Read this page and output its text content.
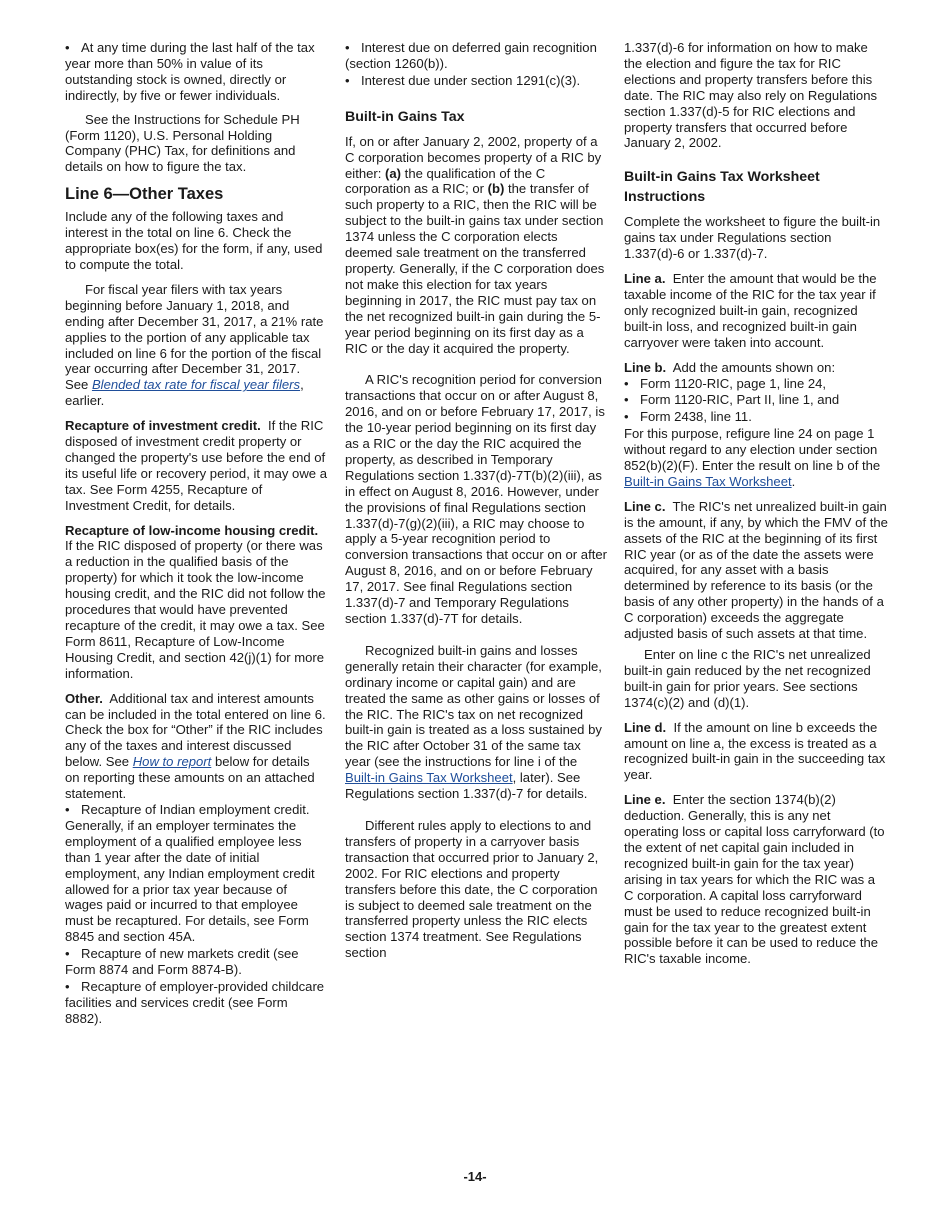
• At any time during the last half of the tax year more than 50% in value of its outstanding stock is owned, directly or indirectly, by five or fewer individuals.

See the Instructions for Schedule PH (Form 1120), U.S. Personal Holding Company (PHC) Tax, for definitions and details on how to figure the tax.

Line 6—Other Taxes

Include any of the following taxes and interest in the total on line 6. Check the appropriate box(es) for the form, if any, used to compute the total.

For fiscal year filers with tax years beginning before January 1, 2018, and ending after December 31, 2017, a 21% rate applies to the portion of any applicable tax included on line 6 for the portion of the fiscal year occurring after December 31, 2017. See Blended tax rate for fiscal year filers, earlier.

Recapture of investment credit. If the RIC disposed of investment credit property or changed the property's use before the end of its useful life or recovery period, it may owe a tax. See Form 4255, Recapture of Investment Credit, for details.

Recapture of low-income housing credit.  If the RIC disposed of property (or there was a reduction in the qualified basis of the property) for which it took the low-income housing credit, and the RIC did not follow the procedures that would have prevented recapture of the credit, it may owe a tax. See Form 8611, Recapture of Low-Income Housing Credit, and section 42(j)(1) for more information.

Other. Additional tax and interest amounts can be included in the total entered on line 6. Check the box for “Other” if the RIC includes any of the taxes and interest discussed below. See How to report below for details on reporting these amounts on an attached statement.

• Recapture of Indian employment credit. Generally, if an employer terminates the employment of a qualified employee less than 1 year after the date of initial employment, any Indian employment credit allowed for a prior tax year because of wages paid or incurred to that employee must be recaptured. For details, see Form 8845 and section 45A.
• Recapture of new markets credit (see Form 8874 and Form 8874-B).
• Recapture of employer-provided childcare facilities and services credit (see Form 8882).
• Interest due on deferred gain recognition (section 1260(b)).
• Interest due under section 1291(c)(3).
Built-in Gains Tax

If, on or after January 2, 2002, property of a C corporation becomes property of a RIC by either: (a) the qualification of the C corporation as a RIC; or (b) the transfer of such property to a RIC, then the RIC will be subject to the built-in gains tax under section 1374 unless the C corporation elects deemed sale treatment on the transferred property. Generally, if the C corporation does not make this election for tax years beginning in 2017, the RIC must pay tax on the net recognized built-in gain during the 5-year period beginning on its first day as a RIC or the day it acquired the property.

A RIC's recognition period for conversion transactions that occur on or after August 8, 2016, and on or before February 17, 2017, is the 10-year period beginning on its first day as a RIC or the day the RIC acquired the property, as described in Temporary Regulations section 1.337(d)-7T(b)(2)(iii), as in effect on August 8, 2016. However, under the provisions of final Regulations section 1.337(d)-7(g)(2)(iii), a RIC may choose to apply a 5-year recognition period to conversion transactions that occur on or after August 8, 2016, and on or before February 17, 2017. See final Regulations section 1.337(d)-7 and Temporary Regulations section 1.337(d)-7T for details.

Recognized built-in gains and losses generally retain their character (for example, ordinary income or capital gain) and are treated the same as other gains or losses of the RIC. The RIC's tax on net recognized built-in gain is treated as a loss sustained by the RIC after October 31 of the same tax year (see the instructions for line i of the Built-in Gains Tax Worksheet, later). See Regulations section 1.337(d)-7 for details.

Different rules apply to elections to and transfers of property in a carryover basis transaction that occurred prior to January 2, 2002. For RIC elections and property transfers before this date, the C corporation is subject to deemed sale treatment on the transferred property unless the RIC elects section 1374 treatment. See Regulations section

1.337(d)-6 for information on how to make the election and figure the tax for RIC elections and property transfers before this date. The RIC may also rely on Regulations section 1.337(d)-5 for RIC elections and property transfers that occurred before January 2, 2002.

Built-in Gains Tax Worksheet Instructions

Complete the worksheet to figure the built-in gains tax under Regulations section 1.337(d)-6 or 1.337(d)-7.

Line a. Enter the amount that would be the taxable income of the RIC for the tax year if only recognized built-in gain, recognized built-in loss, and recognized built-in gain carryover were taken into account.

Line b. Add the amounts shown on:

• Form 1120-RIC, page 1, line 24,
• Form 1120-RIC, Part II, line 1, and
• Form 2438, line 11.

For this purpose, refigure line 24 on page 1 without regard to any election under section 852(b)(2)(F). Enter the result on line b of the Built-in Gains Tax Worksheet.

Line c. The RIC's net unrealized built-in gain is the amount, if any, by which the FMV of the assets of the RIC at the beginning of its first RIC year (or as of the date the assets were acquired, for any asset with a basis determined by reference to its basis (or the basis of any other property) in the hands of a C corporation) exceeds the aggregate adjusted basis of such assets at that time.

Enter on line c the RIC's net unrealized built-in gain reduced by the net recognized built-in gain for prior years. See sections 1374(c)(2) and (d)(1).

Line d. If the amount on line b exceeds the amount on line a, the excess is treated as a recognized built-in gain in the succeeding tax year.

Line e. Enter the section 1374(b)(2) deduction. Generally, this is any net operating loss or capital loss carryforward (to the extent of net capital gain included in recognized built-in gain for the tax year) arising in tax years for which the RIC was a C corporation. A capital loss carryforward must be used to reduce recognized built-in gain for the tax year to the greatest extent possible before it can be used to reduce the RIC's taxable income.

-14-
